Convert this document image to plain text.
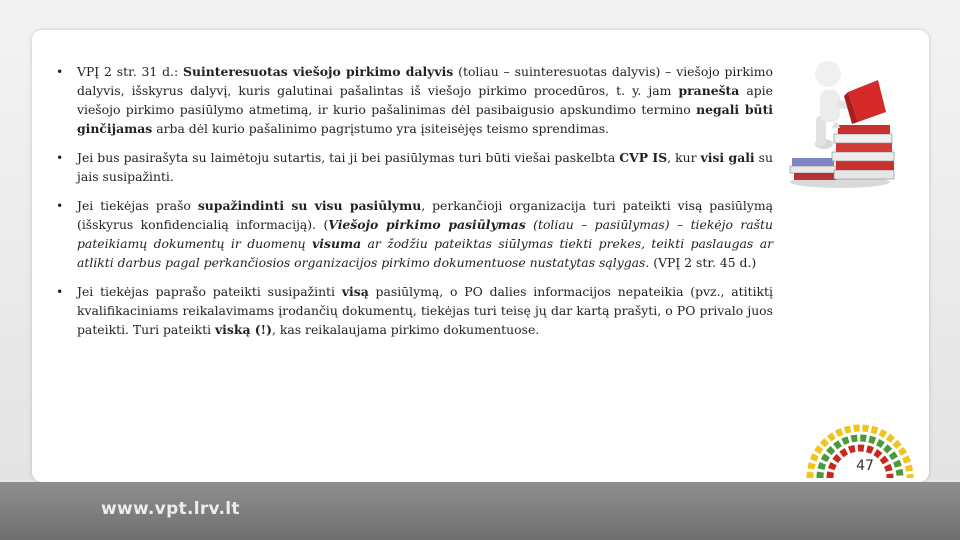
• VPĮ 2 str. 31 d.: Suinteresuotas viešojo pirkimo dalyvis (toliau – suinteresuotas dalyvis) – viešojo pirkimo dalyvis, išskyrus dalyvį, kuris galutinai pašalintas iš viešojo pirkimo procedūros, t. y. jam pranešta apie viešojo pirkimo pasiūlymo atmetimą, ir kurio pašalinimas dėl pasibaigusio apskundimo termino negali būti ginčijamas arba dėl kurio pašalinimo pagrįstumo yra įsiteisėjęs teismo sprendimas.
• Jei bus pasirašyta su laimėtoju sutartis, tai ji bei pasiūlymas turi būti viešai paskelbta CVP IS, kur visi gali su jais susipažinti.
• Jei tiekėjas prašo supažindinti su visu pasiūlymu, perkančioji organizacija turi pateikti visą pasiūlymą (išskyrus konfidencialią informaciją). (Viešojo pirkimo pasiūlymas (toliau – pasiūlymas) – tiekėjo raštu pateikiamų dokumentų ir duomenų visuma ar žodžiu pateiktas siūlymas tiekti prekes, teikti paslaugas ar atlikti darbus pagal perkančiosios organizacijos pirkimo dokumentuose nustatytas sąlygas. (VPĮ 2 str. 45 d.)
• Jei tiekėjas paprašo pateikti susipažinti visą pasiūlymą, o PO dalies informacijos nepateikia (pvz., atitiktį kvalifikaciniams reikalavimams įrodančių dokumentų, tiekėjas turi teisę jų dar kartą prašyti, o PO privalo juos pateikti. Turi pateikti viską (!), kas reikalaujama pirkimo dokumentuose.
47
www.vpt.lrv.lt
